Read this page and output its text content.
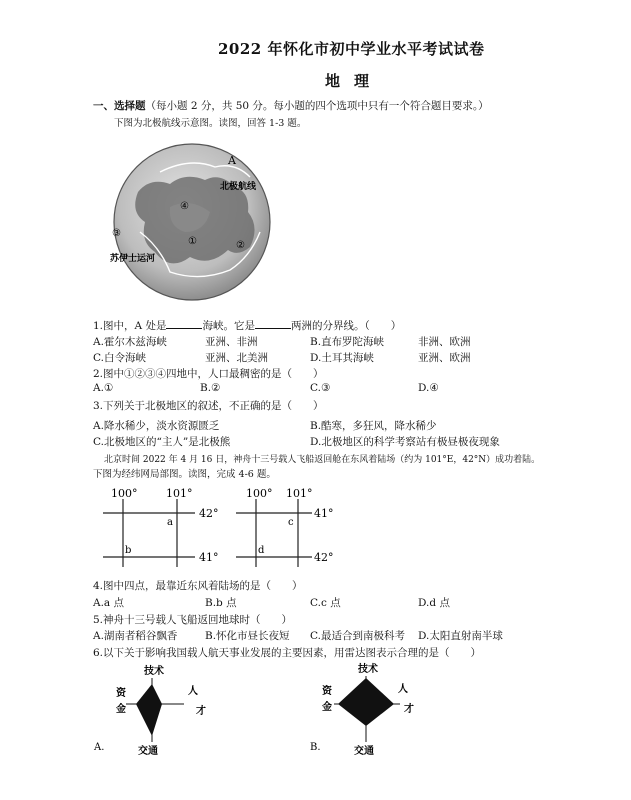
2022 年怀化市初中学业水平考试试卷
地理
一、选择题（每小题 2 分，共 50 分。每小题的四个选项中只有一个符合题目要求。）
下图为北极航线示意图。读图，回答 1-3 题。
A
北极航线
④
③
①	②
苏伊士运河
1.图中，A 处是	海峡。它是	两洲的分界线。（　　）
A.霍尔木兹海峡	亚洲、非洲	B.直布罗陀海峡	非洲、欧洲
C.白令海峡	亚洲、北美洲	D.土耳其海峡	亚洲、欧洲
2.图中①②③④四地中，人口最稠密的是（　　）
A.①	B.②	C.③	D.④
3.下列关于北极地区的叙述，不正确的是（　　）
A.降水稀少，淡水资源匮乏	B.酷寒，多狂风，降水稀少
C.北极地区的“主人”是北极熊	D.北极地区的科学考察站有极昼极夜现象
北京时间 2022 年 4 月 16 日，神舟十三号载人飞船返回舱在东风着陆场（约为 101°E，42°N）成功着陆。
下图为经纬网局部图。读图，完成 4-6 题。
100°	101°
42°
41°
a
b
100° 101°
41°
42°
c
d
4.图中四点，最靠近东风着陆场的是（　　）
A.a 点	B.b 点	C.c 点	D.d 点
5.神舟十三号载人飞船返回地球时（　　）
A.湖南者稻谷飘香	B.怀化市昼长夜短 C.最适合到南极科考 D.太阳直射南半球
6.以下关于影响我国载人航天事业发展的主要因素，用雷达图表示合理的是（　　）
技术
资
金
人
才
交通
A.
技术
资
金
人
才
交通
B.
